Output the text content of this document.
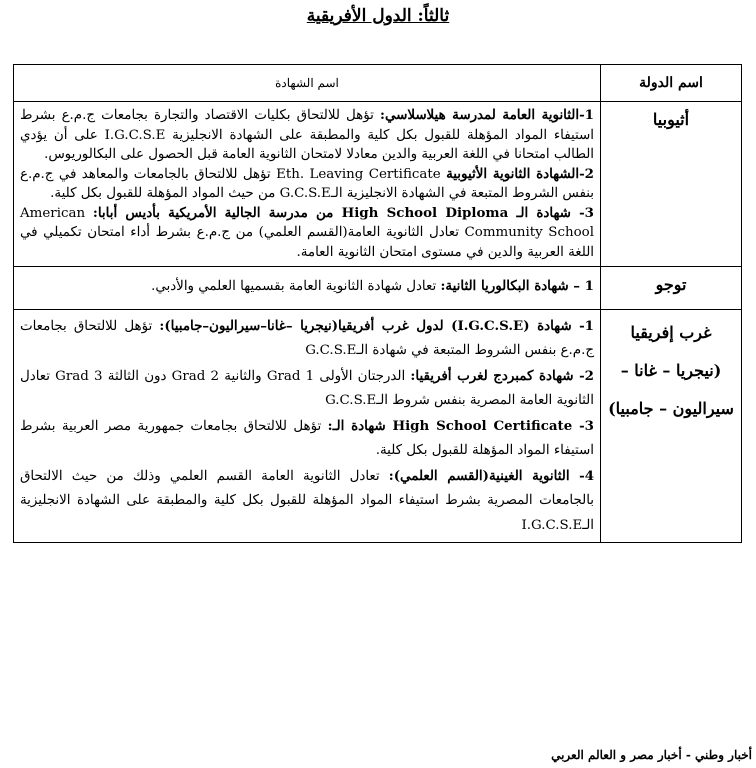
ثالثاً: الدول الأفريقية
اسم الدولة	اسم الشهادة
أثيوبيا	1-الثانوية العامة لمدرسة هيلاسلاسي: تؤهل للالتحاق بكليات الاقتصاد والتجارة بجامعات ج.م.ع بشرط استيفاء المواد المؤهلة للقبول بكل كلية والمطبقة على الشهادة الانجليزية I.G.C.S.E على أن يؤدي الطالب امتحانا في اللغة العربية والدين معادلا لامتحان الثانوية العامة قبل الحصول على البكالوريوس.

2-الشهادة الثانوية الأثيوبية Eth. Leaving Certificate تؤهل للالتحاق بالجامعات والمعاهد في ج.م.ع بنفس الشروط المتبعة في الشهادة الانجليزية الـG.C.S.E من حيث المواد المؤهلة للقبول بكل كلية.

3- شهادة الـ High School Diploma من مدرسة الجالية الأمريكية بأديس أبابا: American Community School تعادل الثانوية العامة(القسم العلمي) من ج.م.ع بشرط أداء امتحان تكميلي في اللغة العربية والدين في مستوى امتحان الثانوية العامة.

توجو	1 – شهادة البكالوريا الثانية: تعادل شهادة الثانوية العامة بقسميها العلمي والأدبي.

غرب إفريقيا (نيجريا – غانا – سيراليون – جامبيا)	1- شهادة (I.G.C.S.E) لدول غرب أفريقيا(نيجريا –غانا–سيراليون–جامبيا): تؤهل للالتحاق بجامعات ج.م.ع بنفس الشروط المتبعة في شهادة الـG.C.S.E

2- شهادة كمبردج لغرب أفريقيا: الدرجتان الأولى Grad 1 والثانية Grad 2 دون الثالثة Grad 3 تعادل الثانوية العامة المصرية بنفس شروط الـG.C.S.E

3- High School Certificate شهادة الـ: تؤهل للالتحاق بجامعات جمهورية مصر العربية بشرط استيفاء المواد المؤهلة للقبول بكل كلية.

4- الثانوية الغينية(القسم العلمي): تعادل الثانوية العامة القسم العلمي وذلك من حيث الالتحاق بالجامعات المصرية بشرط استيفاء المواد المؤهلة للقبول بكل كلية والمطبقة على الشهادة الانجليزية الـI.G.C.S.E

أخبار وطني - أخبار مصر و العالم العربي
